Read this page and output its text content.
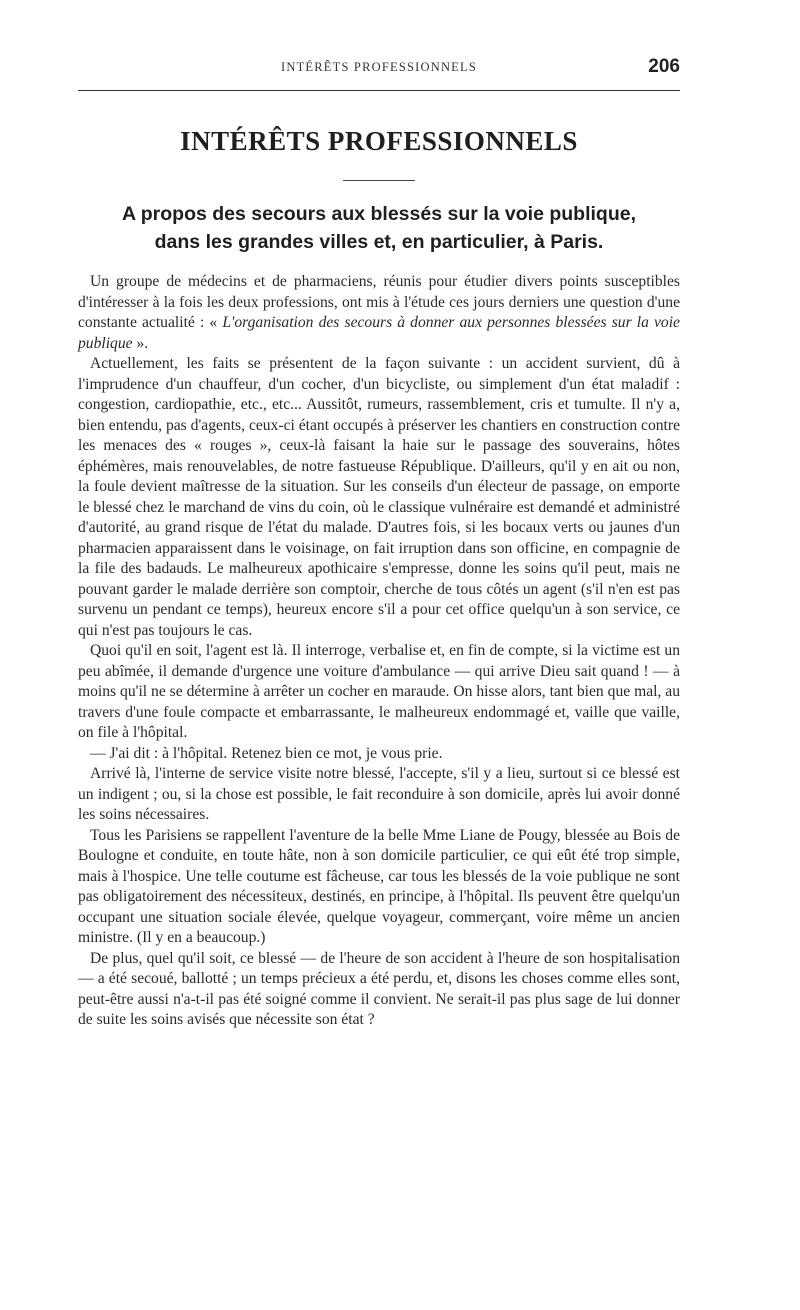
INTÉRÊTS PROFESSIONNELS	206
INTÉRÊTS PROFESSIONNELS
A propos des secours aux blessés sur la voie publique,
dans les grandes villes et, en particulier, à Paris.

Un groupe de médecins et de pharmaciens, réunis pour étudier divers points susceptibles d'intéresser à la fois les deux professions, ont mis à l'étude ces jours derniers une question d'une constante actualité : « L'organisation des secours à donner aux personnes blessées sur la voie publique ».

Actuellement, les faits se présentent de la façon suivante : un accident survient, dû à l'imprudence d'un chauffeur, d'un cocher, d'un bicycliste, ou simplement d'un état maladif : congestion, cardiopathie, etc., etc... Aussitôt, rumeurs, rassemblement, cris et tumulte. Il n'y a, bien entendu, pas d'agents, ceux-ci étant occupés à préserver les chantiers en construction contre les menaces des « rouges », ceux-là faisant la haie sur le passage des souverains, hôtes éphémères, mais renouvelables, de notre fastueuse République. D'ailleurs, qu'il y en ait ou non, la foule devient maîtresse de la situation. Sur les conseils d'un électeur de passage, on emporte le blessé chez le marchand de vins du coin, où le classique vulnéraire est demandé et administré d'autorité, au grand risque de l'état du malade. D'autres fois, si les bocaux verts ou jaunes d'un pharmacien apparaissent dans le voisinage, on fait irruption dans son officine, en compagnie de la file des badauds. Le malheureux apothicaire s'empresse, donne les soins qu'il peut, mais ne pouvant garder le malade derrière son comptoir, cherche de tous côtés un agent (s'il n'en est pas survenu un pendant ce temps), heureux encore s'il a pour cet office quelqu'un à son service, ce qui n'est pas toujours le cas.

Quoi qu'il en soit, l'agent est là. Il interroge, verbalise et, en fin de compte, si la victime est un peu abîmée, il demande d'urgence une voiture d'ambulance — qui arrive Dieu sait quand ! — à moins qu'il ne se détermine à arrêter un cocher en maraude. On hisse alors, tant bien que mal, au travers d'une foule compacte et embarrassante, le malheureux endommagé et, vaille que vaille, on file à l'hôpital.

— J'ai dit : à l'hôpital. Retenez bien ce mot, je vous prie.

Arrivé là, l'interne de service visite notre blessé, l'accepte, s'il y a lieu, surtout si ce blessé est un indigent ; ou, si la chose est possible, le fait reconduire à son domicile, après lui avoir donné les soins nécessaires.

Tous les Parisiens se rappellent l'aventure de la belle Mme Liane de Pougy, blessée au Bois de Boulogne et conduite, en toute hâte, non à son domicile particulier, ce qui eût été trop simple, mais à l'hospice. Une telle coutume est fâcheuse, car tous les blessés de la voie publique ne sont pas obligatoirement des nécessiteux, destinés, en principe, à l'hôpital. Ils peuvent être quelqu'un occupant une situation sociale élevée, quelque voyageur, commerçant, voire même un ancien ministre. (Il y en a beaucoup.)

De plus, quel qu'il soit, ce blessé — de l'heure de son accident à l'heure de son hospitalisation — a été secoué, ballotté ; un temps précieux a été perdu, et, disons les choses comme elles sont, peut-être aussi n'a-t-il pas été soigné comme il convient. Ne serait-il pas plus sage de lui donner de suite les soins avisés que nécessite son état ?
